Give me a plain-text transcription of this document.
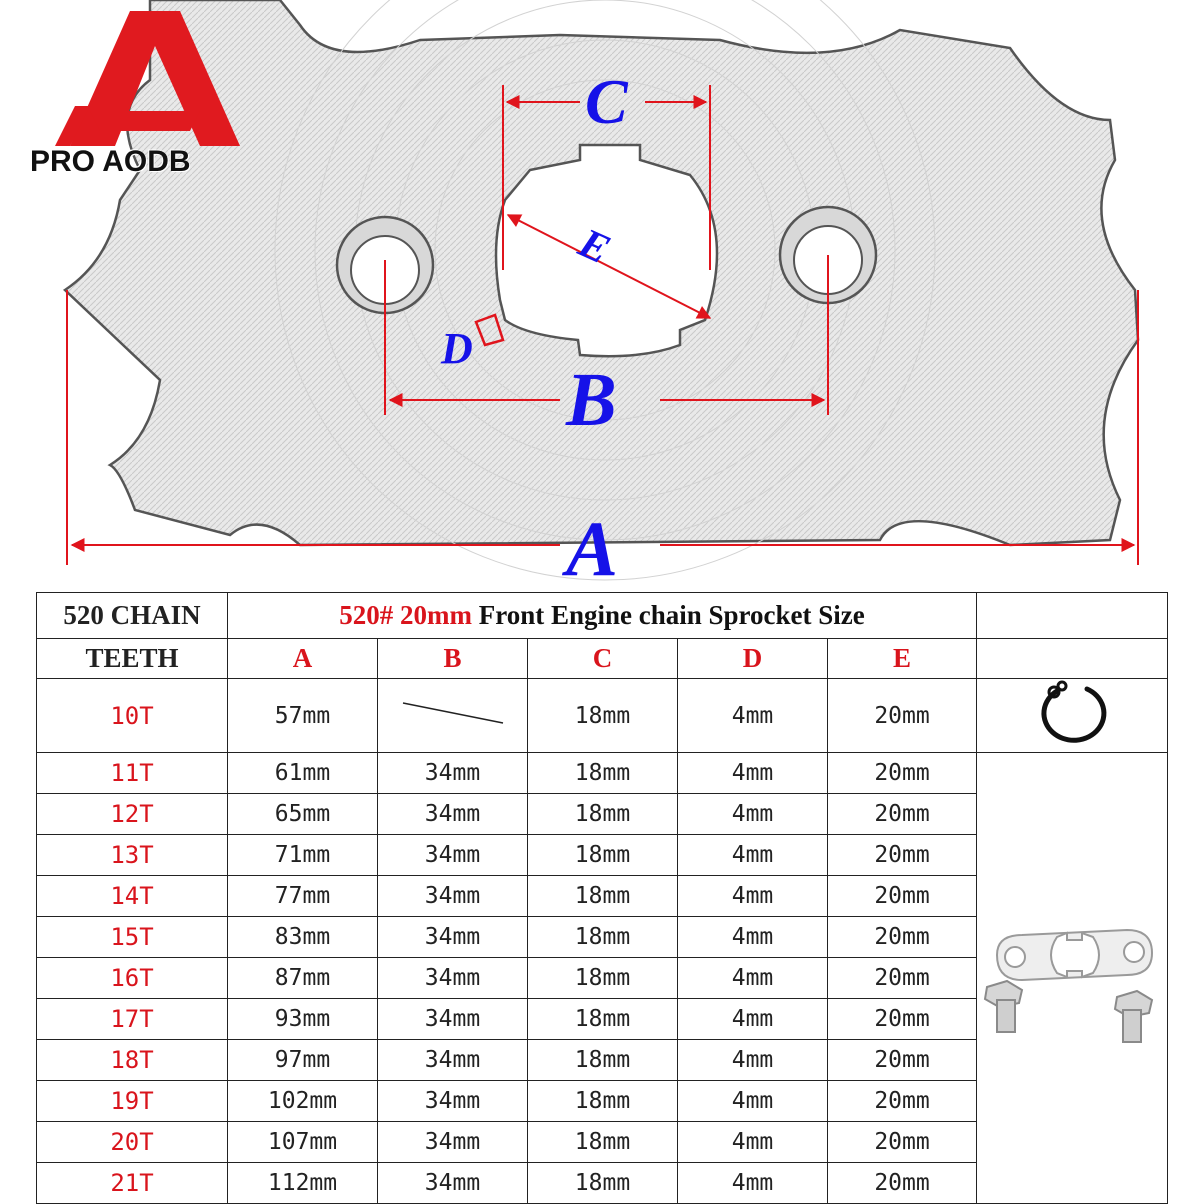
PRO AODB
C
E
D
B
A
520 CHAIN	520# 20mm Front Engine chain Sprocket Size					
TEETH	A	B	C	D	E	
10T	57mm		18mm	4mm	20mm	
11T	61mm	34mm	18mm	4mm	20mm	
12T	65mm	34mm	18mm	4mm	20mm	
13T	71mm	34mm	18mm	4mm	20mm	
14T	77mm	34mm	18mm	4mm	20mm	
15T	83mm	34mm	18mm	4mm	20mm	
16T	87mm	34mm	18mm	4mm	20mm	
17T	93mm	34mm	18mm	4mm	20mm	
18T	97mm	34mm	18mm	4mm	20mm	
19T	102mm	34mm	18mm	4mm	20mm	
20T	107mm	34mm	18mm	4mm	20mm	
21T	112mm	34mm	18mm	4mm	20mm	
